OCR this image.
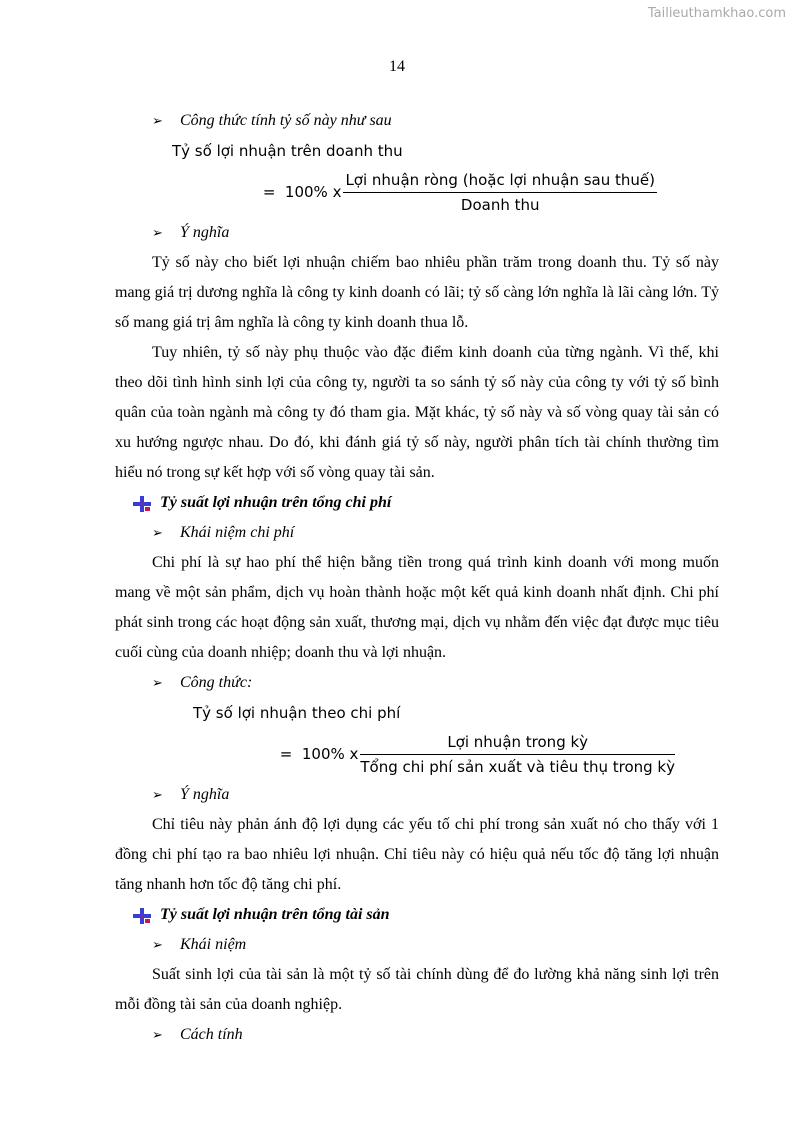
Tailieuthamkhao.com
14
➢	Công thức tính tỷ số này như sau
Tỷ số lợi nhuận trên doanh thu
=  100% x $\frac{\text{Lợi nhuận ròng (hoặc lợi nhuận sau thuế)}}{\text{Doanh thu}}$
➢	Ý nghĩa
Tỷ số này cho biết lợi nhuận chiếm bao nhiêu phần trăm trong doanh thu. Tỷ số này mang giá trị dương nghĩa là công ty kinh doanh có lãi; tỷ số càng lớn nghĩa là lãi càng lớn. Tỷ số mang giá trị âm nghĩa là công ty kinh doanh thua lỗ.
Tuy nhiên, tỷ số này phụ thuộc vào đặc điểm kinh doanh của từng ngành. Vì thế, khi theo dõi tình hình sinh lợi của công ty, người ta so sánh tỷ số này của công ty với tỷ số bình quân của toàn ngành mà công ty đó tham gia. Mặt khác, tỷ số này và số vòng quay tài sản có xu hướng ngược nhau. Do đó, khi đánh giá tỷ số này, người phân tích tài chính thường tìm hiểu nó trong sự kết hợp với số vòng quay tài sản.
Tỷ suất lợi nhuận trên tổng chi phí
➢	Khái niệm chi phí
Chi phí là sự hao phí thể hiện bằng tiền trong quá trình kinh doanh với mong muốn mang về một sản phẩm, dịch vụ hoàn thành hoặc một kết quả kinh doanh nhất định. Chi phí phát sinh trong các hoạt động sản xuất, thương mại, dịch vụ nhằm đến việc đạt được mục tiêu cuối cùng của doanh nhiệp; doanh thu và lợi nhuận.
➢	Công thức:
Tỷ số lợi nhuận theo chi phí
=  100% x $\frac{\text{Lợi nhuận trong kỳ}}{\text{Tổng chi phí sản xuất và tiêu thụ trong kỳ}}$
➢	Ý nghĩa
Chỉ tiêu này phản ánh độ lợi dụng các yếu tố chi phí trong sản xuất nó cho thấy với 1 đồng chi phí tạo ra bao nhiêu lợi nhuận. Chỉ tiêu này có hiệu quả nếu tốc độ tăng lợi nhuận tăng nhanh hơn tốc độ tăng chi phí.
Tỷ suất lợi nhuận trên tổng tài sản
➢	Khái niệm
Suất sinh lợi của tài sản là một tỷ số tài chính dùng để đo lường khả năng sinh lợi trên mỗi đồng tài sản của doanh nghiệp.
➢	Cách tính
